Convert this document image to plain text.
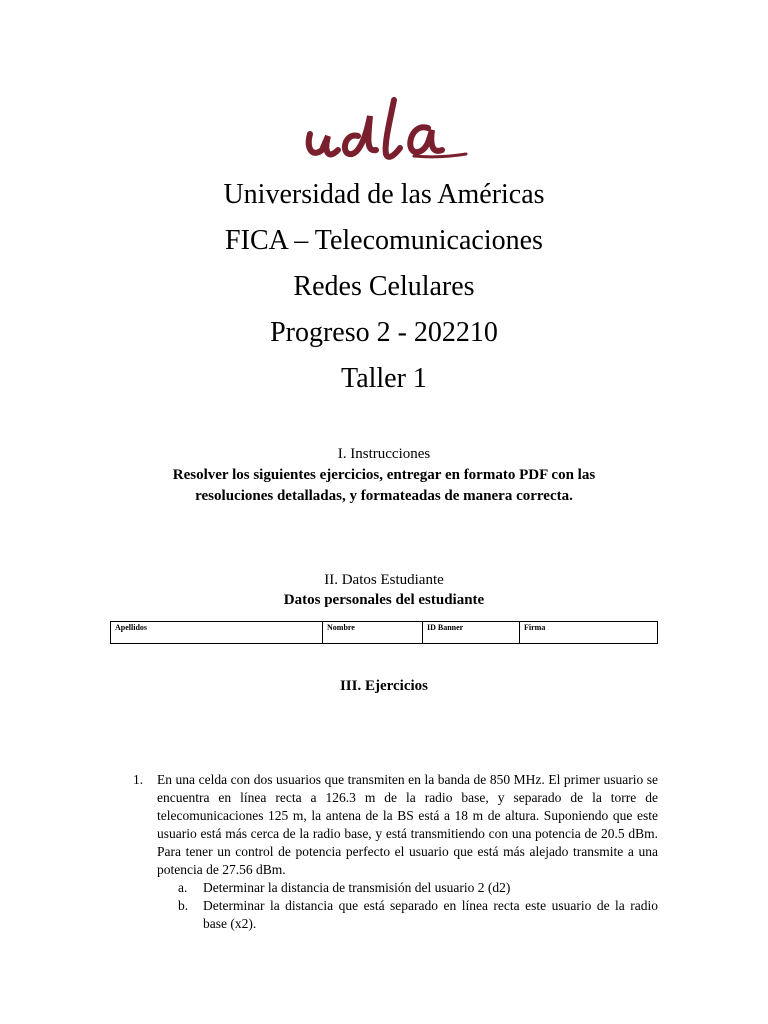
Universidad de las Américas
FICA – Telecomunicaciones
Redes Celulares
Progreso 2 - 202210
Taller 1
I. Instrucciones
Resolver los siguientes ejercicios, entregar en formato PDF con las
resoluciones detalladas, y formateadas de manera correcta.
II. Datos Estudiante
Datos personales del estudiante
Apellidos	Nombre	ID Banner	Firma
III. Ejercicios
1. En una celda con dos usuarios que transmiten en la banda de 850 MHz. El primer usuario se encuentra en línea recta a 126.3 m de la radio base, y separado de la torre de telecomunicaciones 125 m, la antena de la BS está a 18 m de altura. Suponiendo que este usuario está más cerca de la radio base, y está transmitiendo con una potencia de 20.5 dBm. Para tener un control de potencia perfecto el usuario que está más alejado transmite a una potencia de 27.56 dBm.
a. Determinar la distancia de transmisión del usuario 2 (d2)
b. Determinar la distancia que está separado en línea recta este usuario de la radio base (x2).
